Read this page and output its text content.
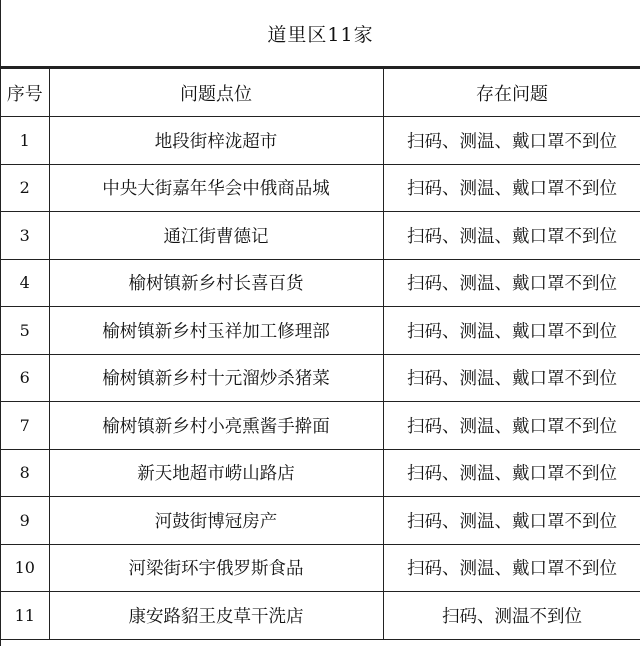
道里区11家
序号	问题点位	存在问题
1	地段街梓泷超市	扫码、测温、戴口罩不到位
2	中央大街嘉年华会中俄商品城	扫码、测温、戴口罩不到位
3	通江街曹德记	扫码、测温、戴口罩不到位
4	榆树镇新乡村长喜百货	扫码、测温、戴口罩不到位
5	榆树镇新乡村玉祥加工修理部	扫码、测温、戴口罩不到位
6	榆树镇新乡村十元溜炒杀猪菜	扫码、测温、戴口罩不到位
7	榆树镇新乡村小亮熏酱手擀面	扫码、测温、戴口罩不到位
8	新天地超市崂山路店	扫码、测温、戴口罩不到位
9	河鼓街博冠房产	扫码、测温、戴口罩不到位
10	河梁街环宇俄罗斯食品	扫码、测温、戴口罩不到位
11	康安路貂王皮草干洗店	扫码、测温不到位
